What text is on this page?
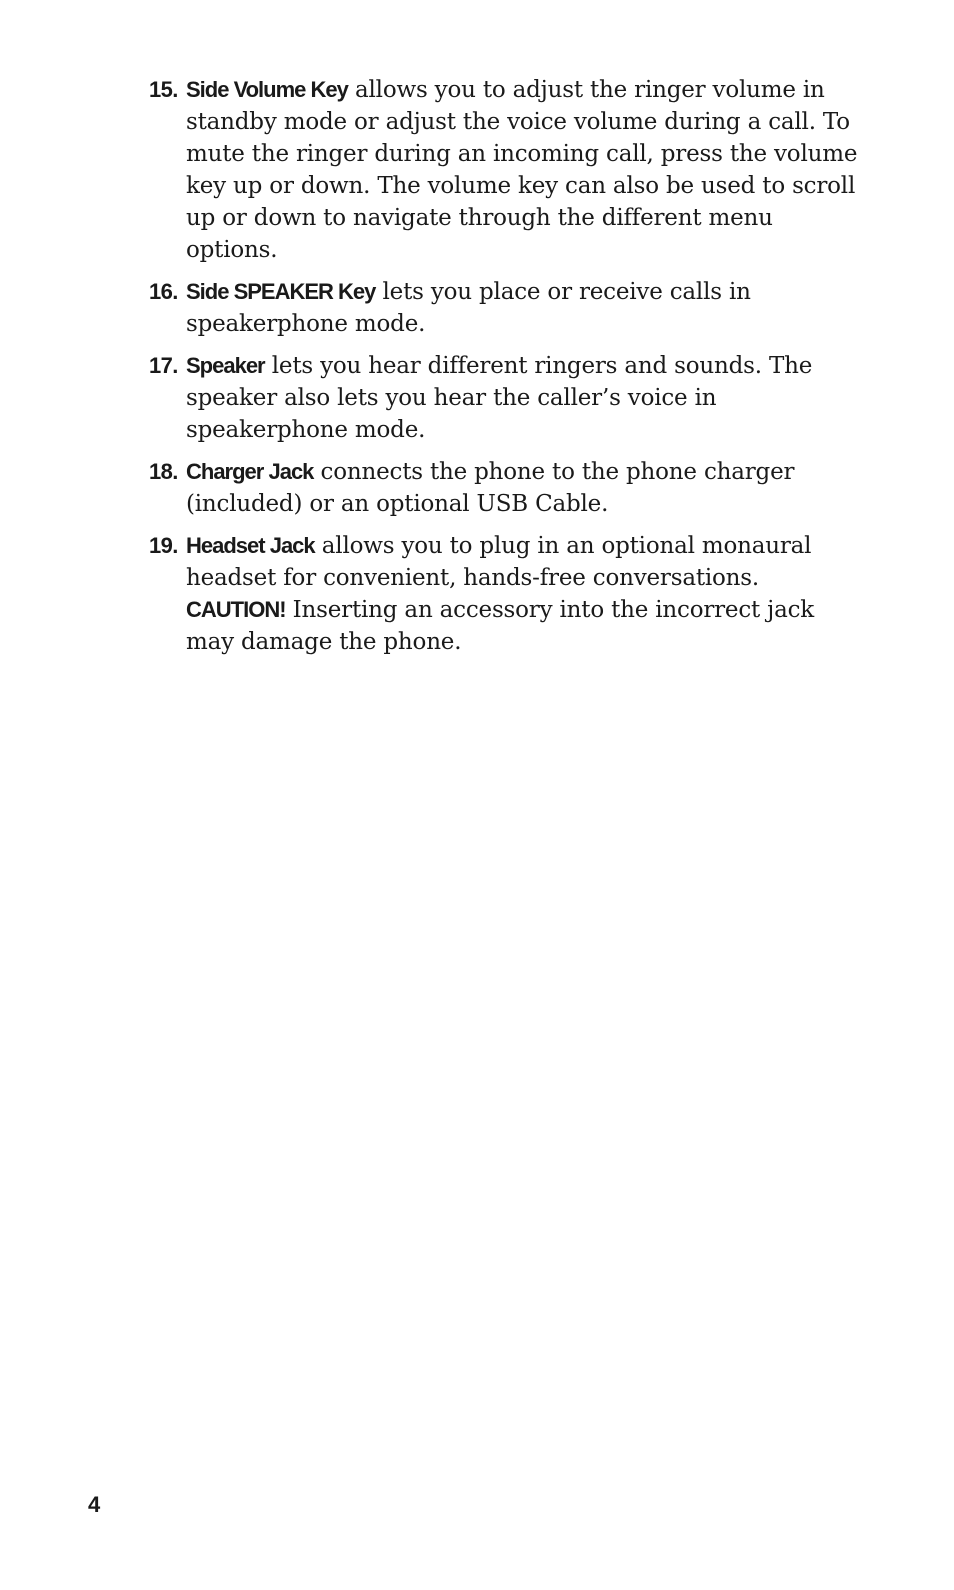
15. Side Volume Key allows you to adjust the ringer volume in standby mode or adjust the voice volume during a call. To mute the ringer during an incoming call, press the volume key up or down. The volume key can also be used to scroll up or down to navigate through the different menu options.
16. Side SPEAKER Key lets you place or receive calls in speakerphone mode.
17. Speaker lets you hear different ringers and sounds. The speaker also lets you hear the caller’s voice in speakerphone mode.
18. Charger Jack connects the phone to the phone charger (included) or an optional USB Cable.
19. Headset Jack allows you to plug in an optional monaural headset for convenient, hands-free conversations.
CAUTION! Inserting an accessory into the incorrect jack may damage the phone.
4
